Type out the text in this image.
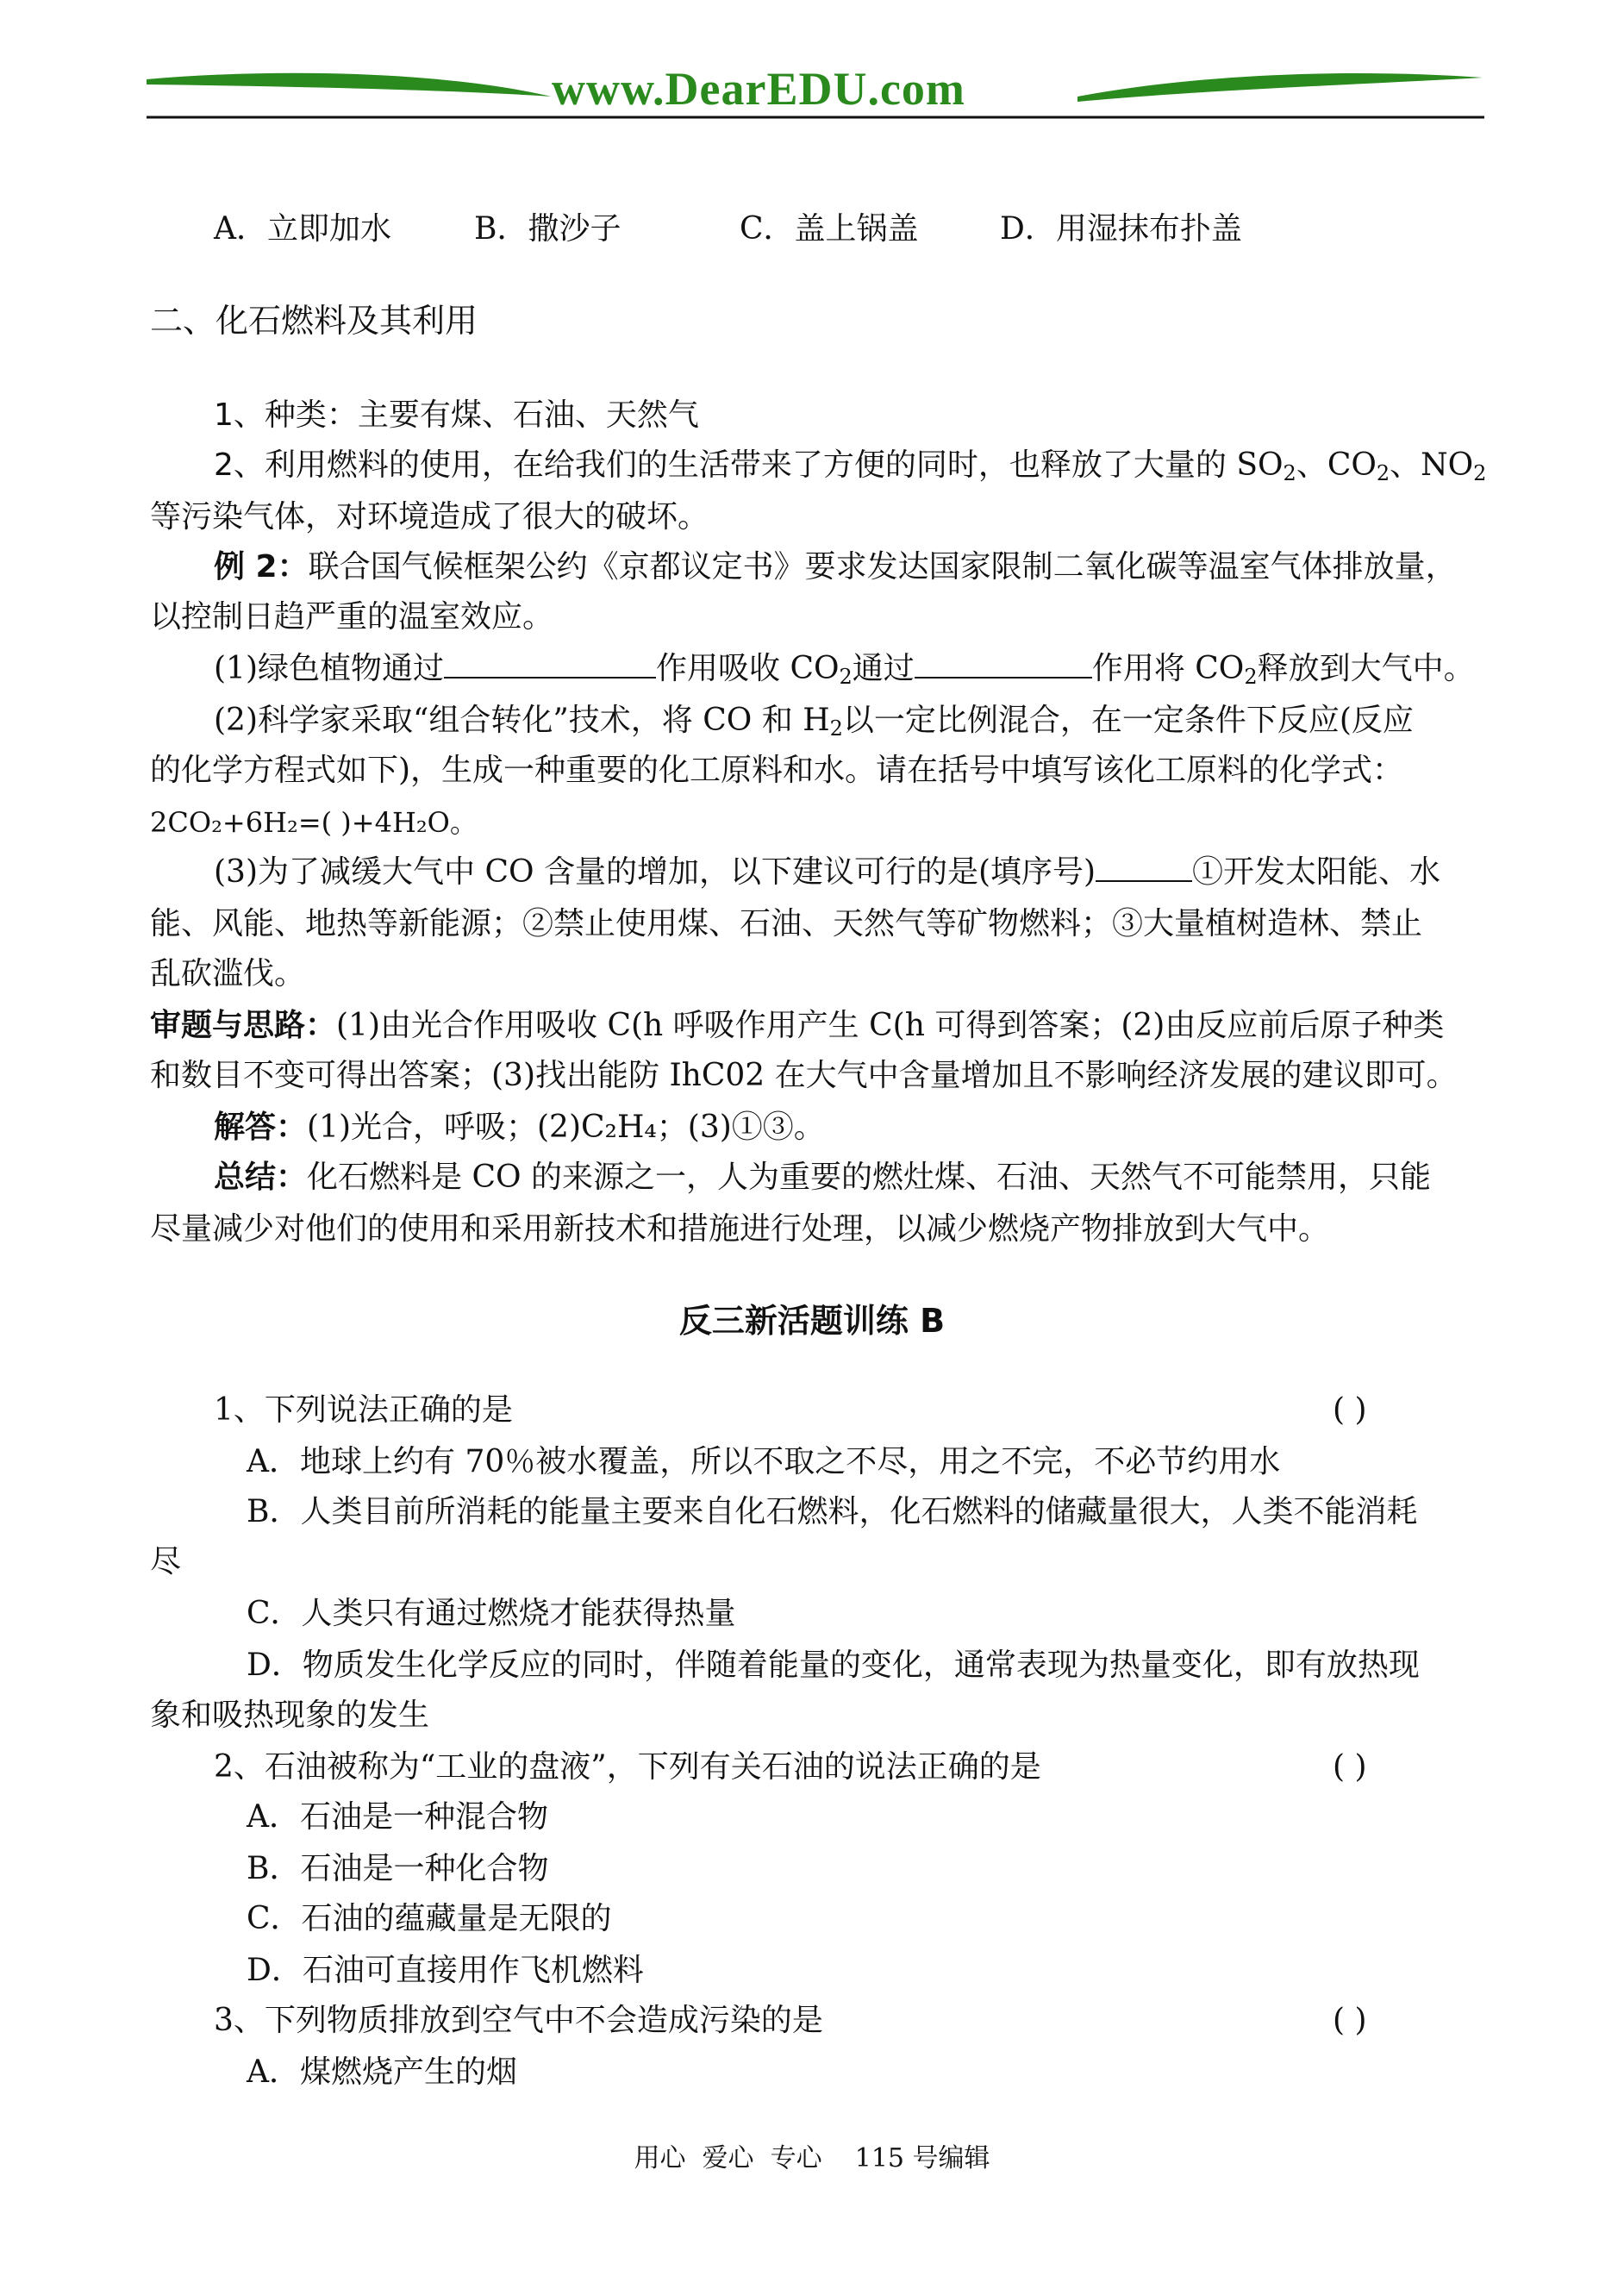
www.DearEDU.com
A．立即加水	B．撒沙子	C．盖上锅盖	D．用湿抹布扑盖
二、化石燃料及其利用
1、种类：主要有煤、石油、天然气
2、利用燃料的使用，在给我们的生活带来了方便的同时，也释放了大量的 $SO_2$、$CO_2$、$NO_2$
等污染气体，对环境造成了很大的破坏。
例 2：联合国气候框架公约《京都议定书》要求发达国家限制二氧化碳等温室气体排放量，
以控制日趋严重的温室效应。
(1)绿色植物通过	作用吸收 $CO_2$通过	作用将 $CO_2$释放到大气中。
(2)科学家采取“组合转化”技术，将 CO 和 $H_2$以一定比例混合，在一定条件下反应(反应
的化学方程式如下)，生成一种重要的化工原料和水。请在括号中填写该化工原料的化学式：
2CO₂+6H₂=( )+4H₂O。
(3)为了减缓大气中 CO 含量的增加，以下建议可行的是(填序号)	①开发太阳能、水
能、风能、地热等新能源；②禁止使用煤、石油、天然气等矿物燃料；③大量植树造林、禁止
乱砍滥伐。
审题与思路：(1)由光合作用吸收 C(h 呼吸作用产生 C(h 可得到答案；(2)由反应前后原子种类
和数目不变可得出答案；(3)找出能防 IhC02 在大气中含量增加且不影响经济发展的建议即可。
解答：(1)光合，呼吸；(2)C₂H₄；(3)①③。
总结：化石燃料是 CO 的来源之一，人为重要的燃灶煤、石油、天然气不可能禁用，只能
尽量减少对他们的使用和采用新技术和措施进行处理，以减少燃烧产物排放到大气中。
反三新活题训练 B
1、下列说法正确的是	( )
A．地球上约有 70％被水覆盖，所以不取之不尽，用之不完，不必节约用水
B．人类目前所消耗的能量主要来自化石燃料，化石燃料的储藏量很大，人类不能消耗
尽
C．人类只有通过燃烧才能获得热量
D．物质发生化学反应的同时，伴随着能量的变化，通常表现为热量变化，即有放热现
象和吸热现象的发生
2、石油被称为“工业的盘液”，下列有关石油的说法正确的是	( )
A．石油是一种混合物
B．石油是一种化合物
C．石油的蕴藏量是无限的
D．石油可直接用作飞机燃料
3、下列物质排放到空气中不会造成污染的是	( )
A．煤燃烧产生的烟
用心  爱心  专心    115 号编辑
